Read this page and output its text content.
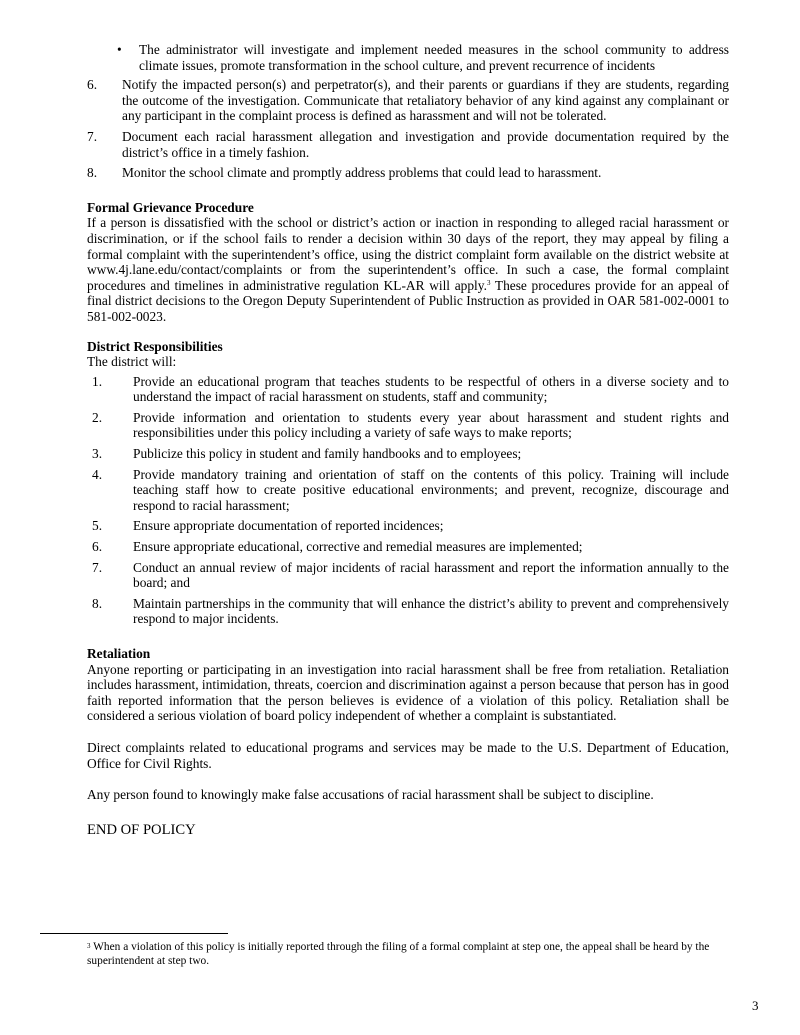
• The administrator will investigate and implement needed measures in the school community to address climate issues, promote transformation in the school culture, and prevent recurrence of incidents
6. Notify the impacted person(s) and perpetrator(s), and their parents or guardians if they are students, regarding the outcome of the investigation. Communicate that retaliatory behavior of any kind against any complainant or any participant in the complaint process is defined as harassment and will not be tolerated.
7. Document each racial harassment allegation and investigation and provide documentation required by the district’s office in a timely fashion.
8. Monitor the school climate and promptly address problems that could lead to harassment.
Formal Grievance Procedure

If a person is dissatisfied with the school or district’s action or inaction in responding to alleged racial harassment or discrimination, or if the school fails to render a decision within 30 days of the report, they may appeal by filing a formal complaint with the superintendent’s office, using the district complaint form available on the district website at www.4j.lane.edu/contact/complaints or from the superintendent’s office. In such a case, the formal complaint procedures and timelines in administrative regulation KL-AR will apply.$^3$ These procedures provide for an appeal of final district decisions to the Oregon Deputy Superintendent of Public Instruction as provided in OAR 581-002-0001 to 581-002-0023.

District Responsibilities

The district will:

1. Provide an educational program that teaches students to be respectful of others in a diverse society and to understand the impact of racial harassment on students, staff and community;
2. Provide information and orientation to students every year about harassment and student rights and responsibilities under this policy including a variety of safe ways to make reports;
3. Publicize this policy in student and family handbooks and to employees;
4. Provide mandatory training and orientation of staff on the contents of this policy. Training will include teaching staff how to create positive educational environments; and prevent, recognize, discourage and respond to racial harassment;
5. Ensure appropriate documentation of reported incidences;
6. Ensure appropriate educational, corrective and remedial measures are implemented;
7. Conduct an annual review of major incidents of racial harassment and report the information annually to the board; and
8. Maintain partnerships in the community that will enhance the district’s ability to prevent and comprehensively respond to major incidents.
Retaliation

Anyone reporting or participating in an investigation into racial harassment shall be free from retaliation. Retaliation includes harassment, intimidation, threats, coercion and discrimination against a person because that person has in good faith reported information that the person believes is evidence of a violation of this policy. Retaliation shall be considered a serious violation of board policy independent of whether a complaint is substantiated.

Direct complaints related to educational programs and services may be made to the U.S. Department of Education, Office for Civil Rights.

Any person found to knowingly make false accusations of racial harassment shall be subject to discipline.

END OF POLICY

$^3$ When a violation of this policy is initially reported through the filing of a formal complaint at step one, the appeal shall be heard by the superintendent at step two.
3
